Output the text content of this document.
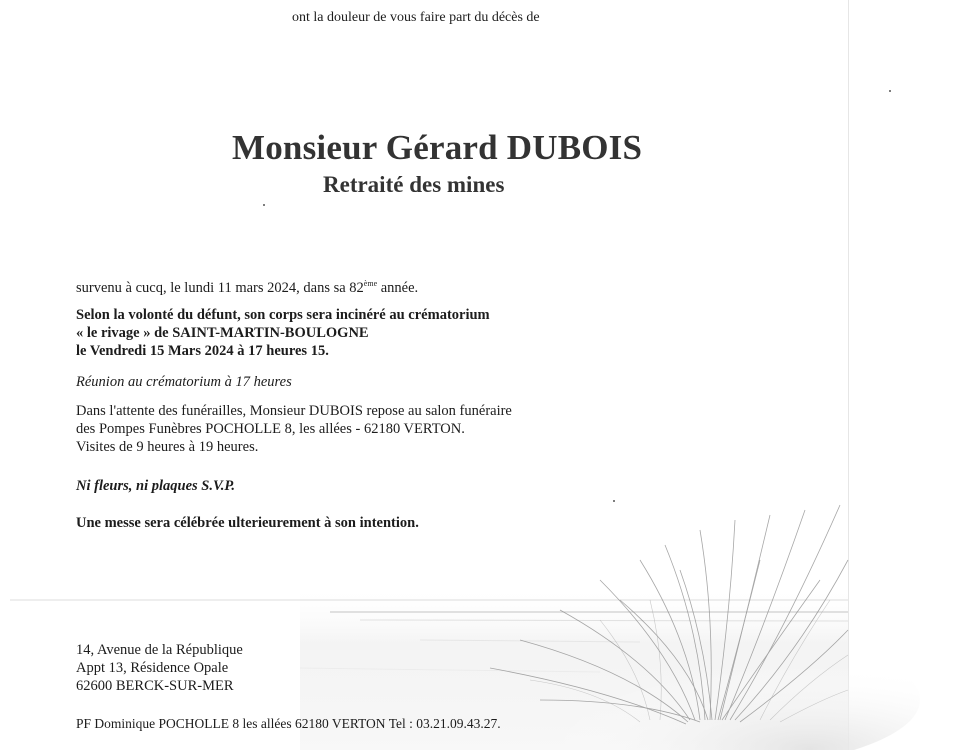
ont la douleur de vous faire part du décès de

Monsieur Gérard DUBOIS
Retraité des mines

survenu à cucq, le lundi 11 mars 2024, dans sa 82ème année.

Selon la volonté du défunt, son corps sera incinéré au crématorium
« le rivage » de SAINT-MARTIN-BOULOGNE
le Vendredi 15 Mars 2024 à 17 heures 15.

Réunion au crématorium à 17 heures

Dans l'attente des funérailles, Monsieur DUBOIS repose au salon funéraire
des Pompes Funèbres POCHOLLE 8, les allées - 62180 VERTON.
Visites de 9 heures à 19 heures.

Ni fleurs, ni plaques S.V.P.

Une messe sera célébrée ulterieurement à son intention.

14, Avenue de la République
Appt 13, Résidence Opale
62600 BERCK-SUR-MER

PF Dominique POCHOLLE 8 les allées 62180 VERTON Tel : 03.21.09.43.27.
